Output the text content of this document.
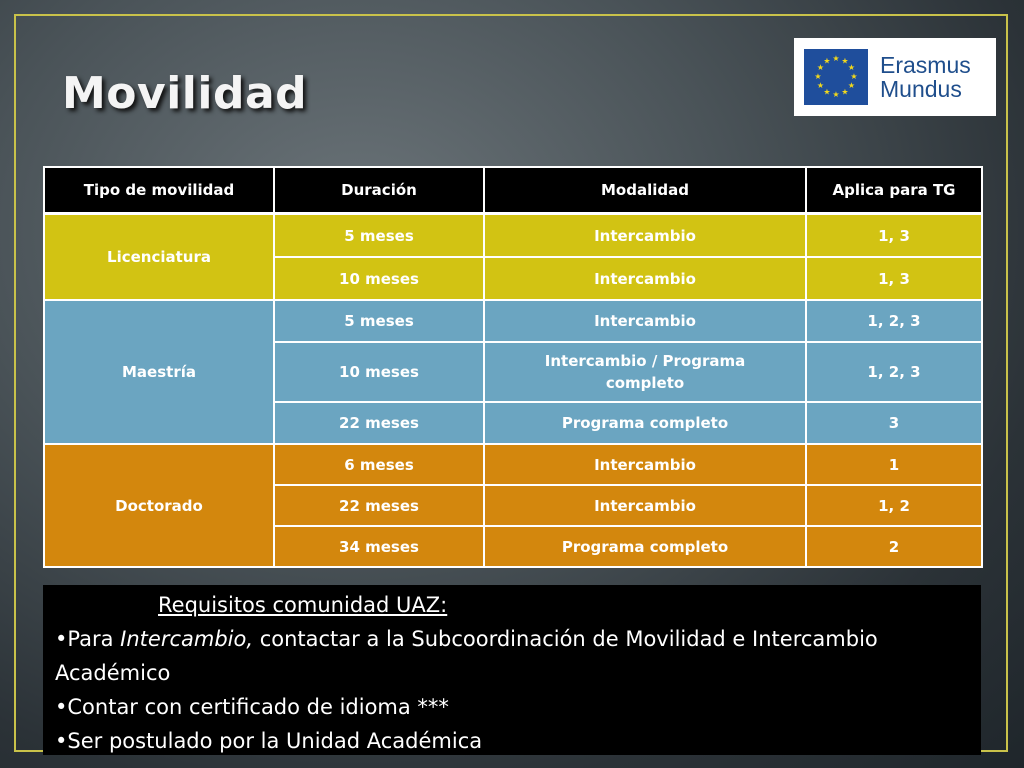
Movilidad
★ ★
★
★
★
★
★
★
★
★
★
★ Erasmus
Mundus
Tipo de movilidad	Duración	Modalidad	Aplica para TG
Licenciatura	5 meses	Intercambio	1, 3
	10 meses	Intercambio	1, 3
Maestría	5 meses	Intercambio	1, 2, 3
	10 meses	Intercambio / Programa completo	1, 2, 3
	22 meses	Programa completo	3
Doctorado	6 meses	Intercambio	1
	22 meses	Intercambio	1, 2
	34 meses	Programa completo	2
Requisitos comunidad UAZ:
•Para Intercambio, contactar a la Subcoordinación de Movilidad e Intercambio Académico
•Contar con certificado de idioma ***
•Ser postulado por la Unidad Académica
